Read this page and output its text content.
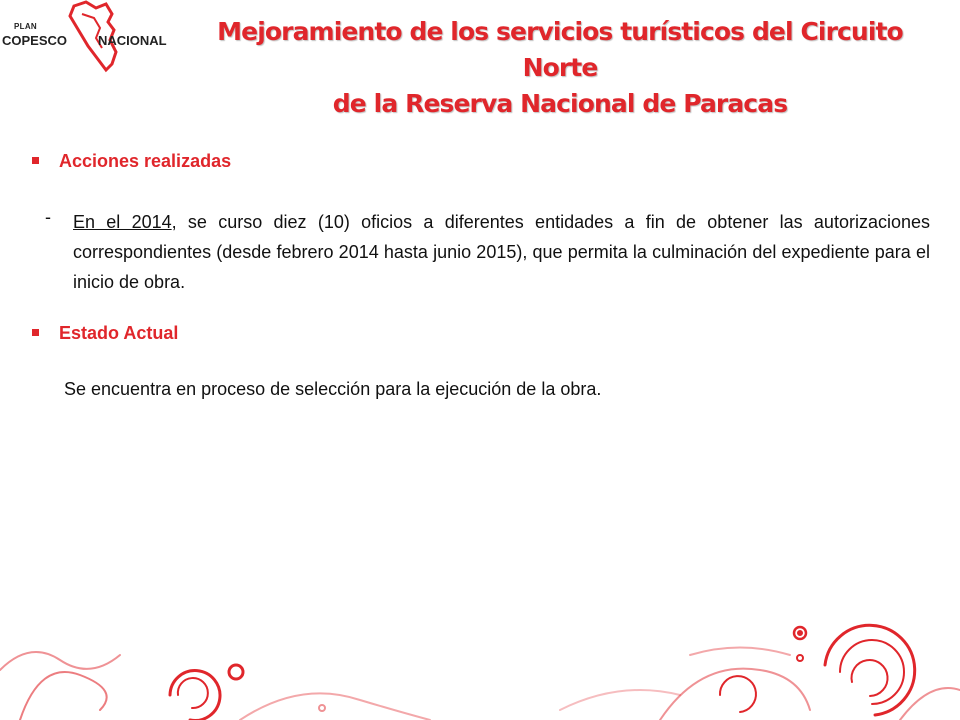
PLAN
COPESCO NACIONAL	Mejoramiento de los servicios turísticos del Circuito Norte
de la Reserva Nacional de Paracas
Acciones realizadas
- En el 2014, se curso diez (10) oficios a diferentes entidades a fin de obtener las autorizaciones correspondientes (desde febrero 2014 hasta junio 2015), que permita la culminación del expediente para el inicio de obra.
Estado Actual
Se encuentra en proceso de selección para la ejecución de la obra.
